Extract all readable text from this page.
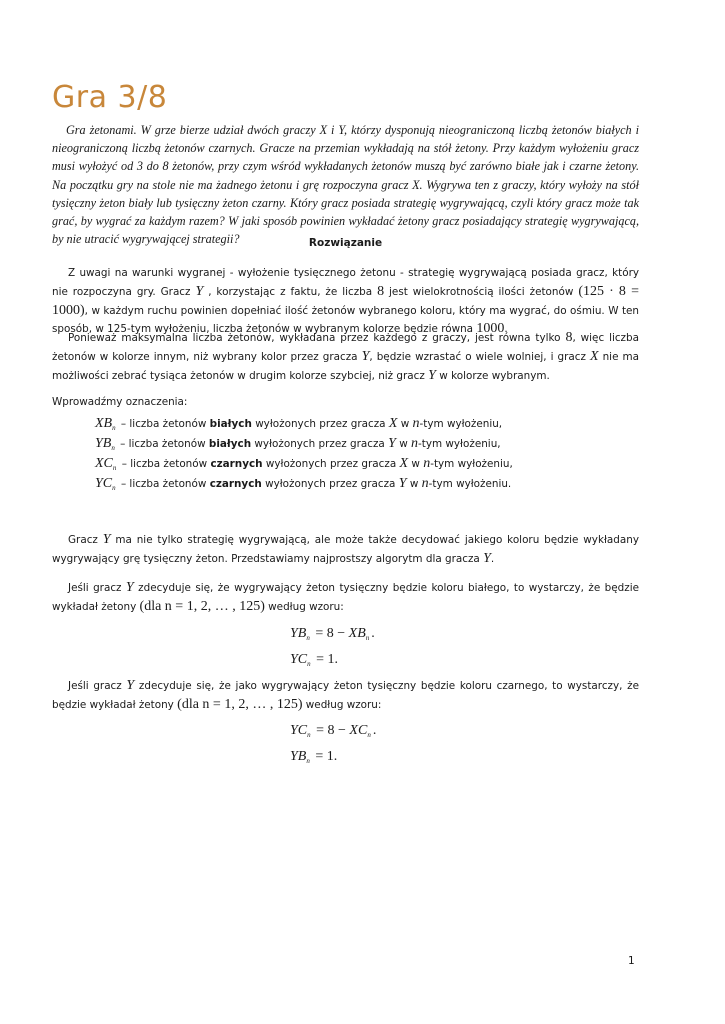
Gra 3/8

Gra żetonami. W grze bierze udział dwóch graczy X i Y, którzy dysponują nieograniczoną liczbą żetonów białych i nieograniczoną liczbą żetonów czarnych. Gracze na przemian wykładają na stół żetony. Przy każdym wyłożeniu gracz musi wyłożyć od 3 do 8 żetonów, przy czym wśród wykładanych żetonów muszą być zarówno białe jak i czarne żetony. Na początku gry na stole nie ma żadnego żetonu i grę rozpoczyna gracz X. Wygrywa ten z graczy, który wyłoży na stół tysięczny żeton biały lub tysięczny żeton czarny. Który gracz posiada strategię wygrywającą, czyli który gracz może tak grać, by wygrać za każdym razem? W jaki sposób powinien wykładać żetony gracz posiadający strategię wygrywającą, by nie utracić wygrywającej strategii?	Rozwiązanie

Z uwagi na warunki wygranej - wyłożenie tysięcznego żetonu - strategię wygrywającą posiada gracz, który nie rozpoczyna gry. Gracz Y , korzystając z faktu, że liczba 8 jest wielokrotnością ilości żetonów (125 · 8 = 1000), w każdym ruchu powinien dopełniać ilość żetonów wybranego koloru, który ma wygrać, do ośmiu. W ten sposób, w 125-tym wyłożeniu, liczba żetonów w wybranym kolorze będzie równa 1000.

Ponieważ maksymalna liczba żetonów, wykładana przez każdego z graczy, jest równa tylko 8, więc liczba żetonów w kolorze innym, niż wybrany kolor przez gracza Y, będzie wzrastać o wiele wolniej, i gracz X nie ma możliwości zebrać tysiąca żetonów w drugim kolorze szybciej, niż gracz Y w kolorze wybranym.

Wprowadźmy oznaczenia:

$XB_n$ – liczba żetonów białych wyłożonych przez gracza X w n-tym wyłożeniu,
$YB_n$ – liczba żetonów białych wyłożonych przez gracza Y w n-tym wyłożeniu,
$XC_n$ – liczba żetonów czarnych wyłożonych przez gracza X w n-tym wyłożeniu,
$YC_n$ – liczba żetonów czarnych wyłożonych przez gracza Y w n-tym wyłożeniu.

Gracz Y ma nie tylko strategię wygrywającą, ale może także decydować jakiego koloru będzie wykładany wygrywający grę tysięczny żeton. Przedstawiamy najprostszy algorytm dla gracza Y.

Jeśli gracz Y zdecyduje się, że wygrywający żeton tysięczny będzie koloru białego, to wystarczy, że będzie wykładał żetony (dla n = 1, 2, … , 125) według wzoru:

$YB_n = 8 - XB_n$ .
$YC_n = 1$.

Jeśli gracz Y zdecyduje się, że jako wygrywający żeton tysięczny będzie koloru czarnego, to wystarczy, że będzie wykładał żetony (dla n = 1, 2, … , 125) według wzoru:

$YC_n = 8 - XC_n$ .
$YB_n = 1$.
1
